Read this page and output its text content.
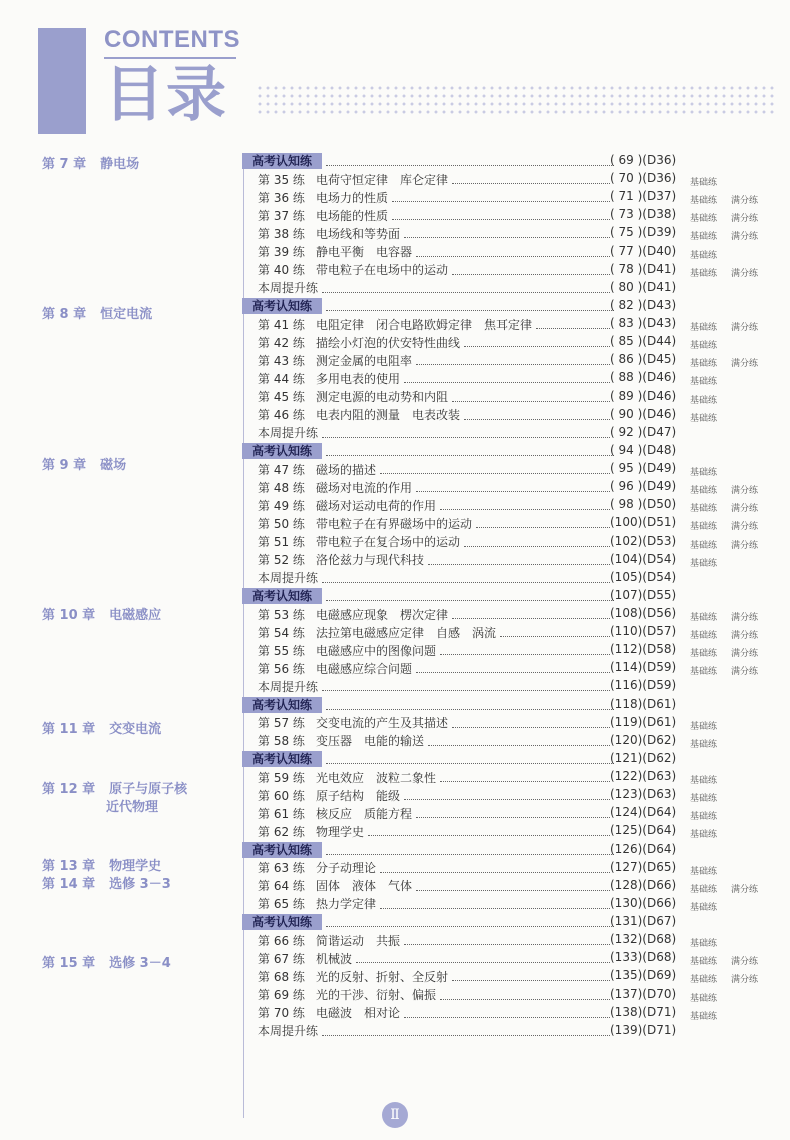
CONTENTS
目录
第 7 章 静电场
第 8 章 恒定电流
第 9 章 磁场
第 10 章 电磁感应
第 11 章 交变电流
第 12 章 原子与原子核
近代物理
第 13 章 物理学史
第 14 章 选修 3－3
第 15 章 选修 3－4
高考认知练	( 69 )(D36)
第 35 练 电荷守恒定律　库仑定律	( 70 )(D36)	基础练
第 36 练 电场力的性质	( 71 )(D37)	基础练 满分练
第 37 练 电场能的性质	( 73 )(D38)	基础练 满分练
第 38 练 电场线和等势面	( 75 )(D39)	基础练 满分练
第 39 练 静电平衡　电容器	( 77 )(D40)	基础练
第 40 练 带电粒子在电场中的运动	( 78 )(D41)	基础练 满分练
本周提升练	( 80 )(D41)
高考认知练	( 82 )(D43)
第 41 练 电阻定律　闭合电路欧姆定律　焦耳定律	( 83 )(D43)	基础练 满分练
第 42 练 描绘小灯泡的伏安特性曲线	( 85 )(D44)	基础练
第 43 练 测定金属的电阻率	( 86 )(D45)	基础练 满分练
第 44 练 多用电表的使用	( 88 )(D46)	基础练
第 45 练 测定电源的电动势和内阻	( 89 )(D46)	基础练
第 46 练 电表内阻的测量　电表改装	( 90 )(D46)	基础练
本周提升练	( 92 )(D47)
高考认知练	( 94 )(D48)
第 47 练 磁场的描述	( 95 )(D49)	基础练
第 48 练 磁场对电流的作用	( 96 )(D49)	基础练 满分练
第 49 练 磁场对运动电荷的作用	( 98 )(D50)	基础练 满分练
第 50 练 带电粒子在有界磁场中的运动	(100)(D51)	基础练 满分练
第 51 练 带电粒子在复合场中的运动	(102)(D53)	基础练 满分练
第 52 练 洛伦兹力与现代科技	(104)(D54)	基础练
本周提升练	(105)(D54)
高考认知练	(107)(D55)
第 53 练 电磁感应现象　楞次定律	(108)(D56)	基础练 满分练
第 54 练 法拉第电磁感应定律　自感　涡流	(110)(D57)	基础练 满分练
第 55 练 电磁感应中的图像问题	(112)(D58)	基础练 满分练
第 56 练 电磁感应综合问题	(114)(D59)	基础练 满分练
本周提升练	(116)(D59)
高考认知练	(118)(D61)
第 57 练 交变电流的产生及其描述	(119)(D61)	基础练
第 58 练 变压器　电能的输送	(120)(D62)	基础练
高考认知练	(121)(D62)
第 59 练 光电效应　波粒二象性	(122)(D63)	基础练
第 60 练 原子结构　能级	(123)(D63)	基础练
第 61 练 核反应　质能方程	(124)(D64)	基础练
第 62 练 物理学史	(125)(D64)	基础练
高考认知练	(126)(D64)
第 63 练 分子动理论	(127)(D65)	基础练
第 64 练 固体　液体　气体	(128)(D66)	基础练 满分练
第 65 练 热力学定律	(130)(D66)	基础练
高考认知练	(131)(D67)
第 66 练 简谐运动　共振	(132)(D68)	基础练
第 67 练 机械波	(133)(D68)	基础练 满分练
第 68 练 光的反射、折射、全反射	(135)(D69)	基础练 满分练
第 69 练 光的干涉、衍射、偏振	(137)(D70)	基础练
第 70 练 电磁波　相对论	(138)(D71)	基础练
本周提升练	(139)(D71)
Ⅱ
